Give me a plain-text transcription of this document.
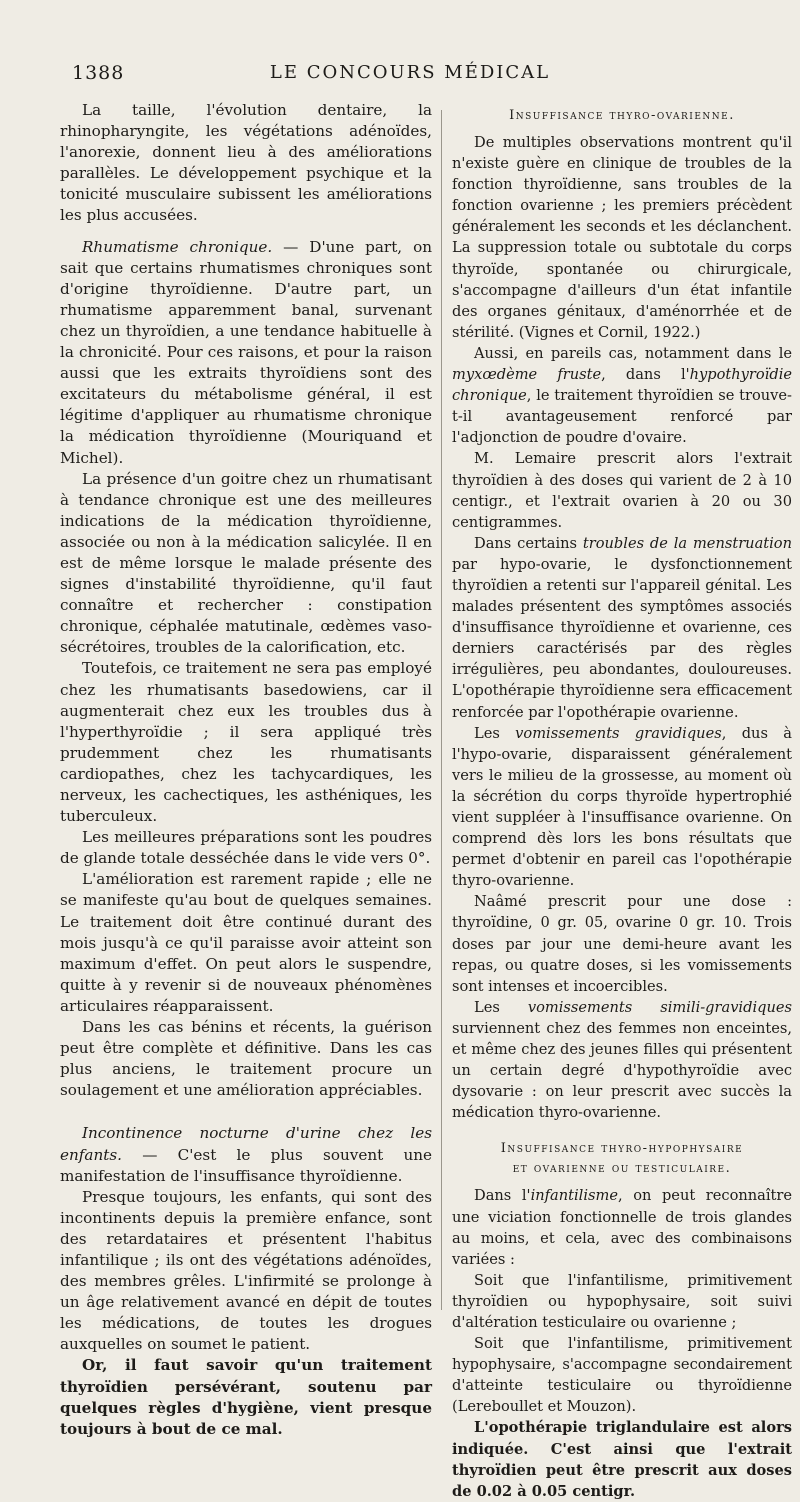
1388	LE CONCOURS MÉDICAL

La taille, l'évolution dentaire, la rhinopharyngite, les végétations adénoïdes, l'anorexie, donnent lieu à des améliorations parallèles. Le développement psychique et la tonicité musculaire subissent les améliorations les plus accusées.

Rhumatisme chronique. — D'une part, on sait que certains rhumatismes chroniques sont d'origine thyroïdienne. D'autre part, un rhumatisme apparemment banal, survenant chez un thyroïdien, a une tendance habituelle à la chronicité. Pour ces raisons, et pour la raison aussi que les extraits thyroïdiens sont des excitateurs du métabolisme général, il est légitime d'appliquer au rhumatisme chronique la médication thyroïdienne (Mouriquand et Michel).

La présence d'un goitre chez un rhumatisant à tendance chronique est une des meilleures indications de la médication thyroïdienne, associée ou non à la médication salicylée. Il en est de même lorsque le malade présente des signes d'instabilité thyroïdienne, qu'il faut connaître et rechercher : constipation chronique, céphalée matutinale, œdèmes vaso-sécrétoires, troubles de la calorification, etc.

Toutefois, ce traitement ne sera pas employé chez les rhumatisants basedowiens, car il augmenterait chez eux les troubles dus à l'hyperthyroïdie ; il sera appliqué très prudemment chez les rhumatisants cardiopathes, chez les tachycardiques, les nerveux, les cachectiques, les asthéniques, les tuberculeux.

Les meilleures préparations sont les poudres de glande totale desséchée dans le vide vers 0°.

L'amélioration est rarement rapide ; elle ne se manifeste qu'au bout de quelques semaines. Le traitement doit être continué durant des mois jusqu'à ce qu'il paraisse avoir atteint son maximum d'effet. On peut alors le suspendre, quitte à y revenir si de nouveaux phénomènes articulaires réapparaissent.

Dans les cas bénins et récents, la guérison peut être complète et définitive. Dans les cas plus anciens, le traitement procure un soulagement et une amélioration appréciables.

Incontinence nocturne d'urine chez les enfants. — C'est le plus souvent une manifestation de l'insuffisance thyroïdienne.

Presque toujours, les enfants, qui sont des incontinents depuis la première enfance, sont des retardataires et présentent l'habitus infantilique ; ils ont des végétations adénoïdes, des membres grêles. L'infirmité se prolonge à un âge relativement avancé en dépit de toutes les médications, de toutes les drogues auxquelles on soumet le patient.

Or, il faut savoir qu'un traitement thyroïdien persévérant, soutenu par quelques règles d'hygiène, vient presque toujours à bout de ce mal.

Insuffisance thyro-ovarienne.

De multiples observations montrent qu'il n'existe guère en clinique de troubles de la fonction thyroïdienne, sans troubles de la fonction ovarienne ; les premiers précèdent généralement les seconds et les déclanchent. La suppression totale ou subtotale du corps thyroïde, spontanée ou chirurgicale, s'accompagne d'ailleurs d'un état infantile des organes génitaux, d'aménorrhée et de stérilité. (Vignes et Cornil, 1922.)

Aussi, en pareils cas, notamment dans le myxœdème fruste, dans l'hypothyroïdie chronique, le traitement thyroïdien se trouve-t-il avantageusement renforcé par l'adjonction de poudre d'ovaire.

M. Lemaire prescrit alors l'extrait thyroïdien à des doses qui varient de 2 à 10 centigr., et l'extrait ovarien à 20 ou 30 centigrammes.

Dans certains troubles de la menstruation par hypo-ovarie, le dysfonctionnement thyroïdien a retenti sur l'appareil génital. Les malades présentent des symptômes associés d'insuffisance thyroïdienne et ovarienne, ces derniers caractérisés par des règles irrégulières, peu abondantes, douloureuses. L'opothérapie thyroïdienne sera efficacement renforcée par l'opothérapie ovarienne.

Les vomissements gravidiques, dus à l'hypo-ovarie, disparaissent généralement vers le milieu de la grossesse, au moment où la sécrétion du corps thyroïde hypertrophié vient suppléer à l'insuffisance ovarienne. On comprend dès lors les bons résultats que permet d'obtenir en pareil cas l'opothérapie thyro-ovarienne.

Naâmé prescrit pour une dose : thyroïdine, 0 gr. 05, ovarine 0 gr. 10. Trois doses par jour une demi-heure avant les repas, ou quatre doses, si les vomissements sont intenses et incoercibles.

Les vomissements simili-gravidiques surviennent chez des femmes non enceintes, et même chez des jeunes filles qui présentent un certain degré d'hypothyroïdie avec dysovarie : on leur prescrit avec succès la médication thyro-ovarienne.

Insuffisance thyro-hypophysaire
et ovarienne ou testiculaire.

Dans l'infantilisme, on peut reconnaître une viciation fonctionnelle de trois glandes au moins, et cela, avec des combinaisons variées :

Soit que l'infantilisme, primitivement thyroïdien ou hypophysaire, soit suivi d'altération testiculaire ou ovarienne ;

Soit que l'infantilisme, primitivement hypophysaire, s'accompagne secondairement d'atteinte testiculaire ou thyroïdienne (Lereboullet et Mouzon).

L'opothérapie triglandulaire est alors indiquée. C'est ainsi que l'extrait thyroïdien peut être prescrit aux doses de 0.02 à 0.05 centigr.
